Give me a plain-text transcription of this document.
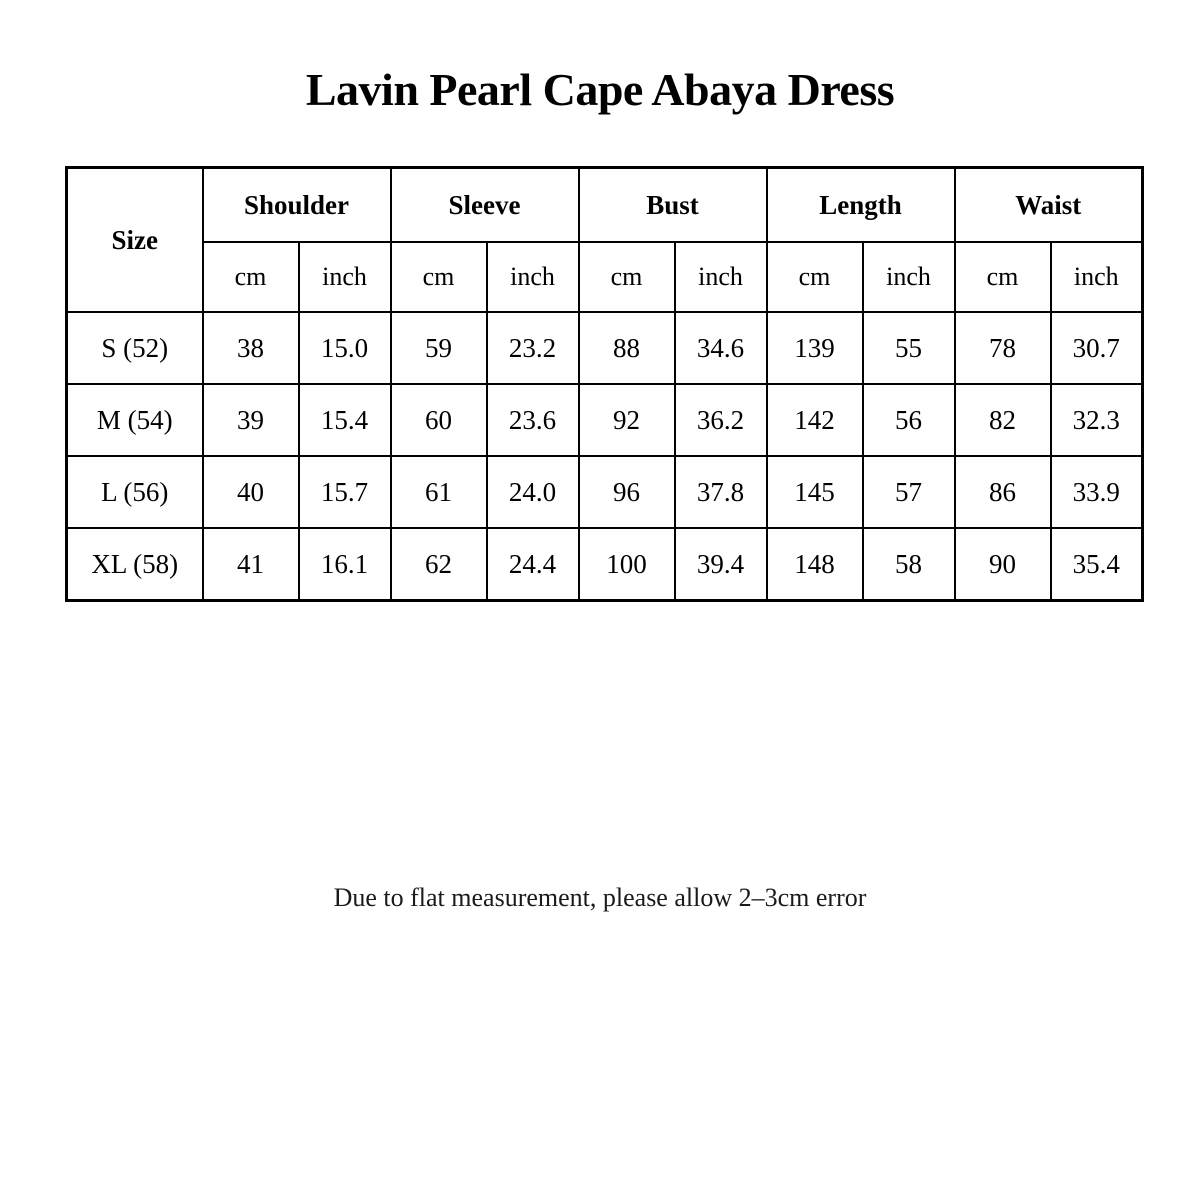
Lavin Pearl Cape Abaya Dress
Size	Shoulder		Sleeve		Bust		Length		Waist	
	cm	inch	cm	inch	cm	inch	cm	inch	cm	inch
S (52)	38	15.0	59	23.2	88	34.6	139	55	78	30.7
M (54)	39	15.4	60	23.6	92	36.2	142	56	82	32.3
L (56)	40	15.7	61	24.0	96	37.8	145	57	86	33.9
XL (58)	41	16.1	62	24.4	100	39.4	148	58	90	35.4
Due to flat measurement, please allow 2–3cm error
